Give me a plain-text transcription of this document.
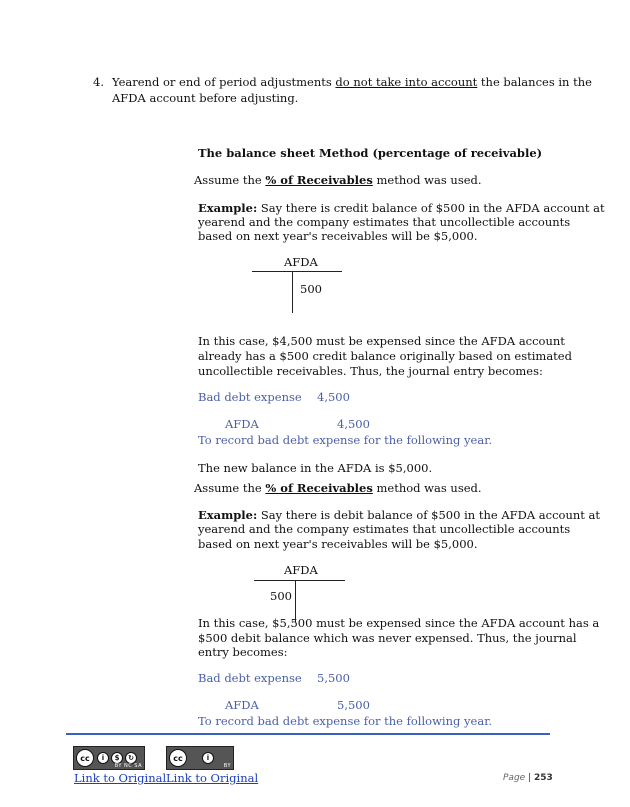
4. Yearend or end of period adjustments do not take into account the balances in the
AFDA account before adjusting.
The balance sheet Method (percentage of receivable)
Assume the % of Receivables method was used.
Example: Say there is credit balance of $500 in the AFDA account at
yearend and the company estimates that uncollectible accounts
based on next year's receivables will be $5,000.
AFDA
500
In this case, $4,500 must be expensed since the AFDA account
already has a $500 credit balance originally based on estimated
uncollectible receivables. Thus, the journal entry becomes:
Bad debt expense 4,500
AFDA	4,500
To record bad debt expense for the following year.
The new balance in the AFDA is $5,000.
Assume the % of Receivables method was used.
Example: Say there is debit balance of $500 in the AFDA account at
yearend and the company estimates that uncollectible accounts
based on next year's receivables will be $5,000.
AFDA
500
In this case, $5,500 must be expensed since the AFDA account has a
$500 debit balance which was never expensed. Thus, the journal
entry becomes:
Bad debt expense 5,500
AFDA	5,500
To record bad debt expense for the following year.
cc	i	$	↻
BY NC SA
cc	i
BY
Link to Original Link to Original	Page | 253
